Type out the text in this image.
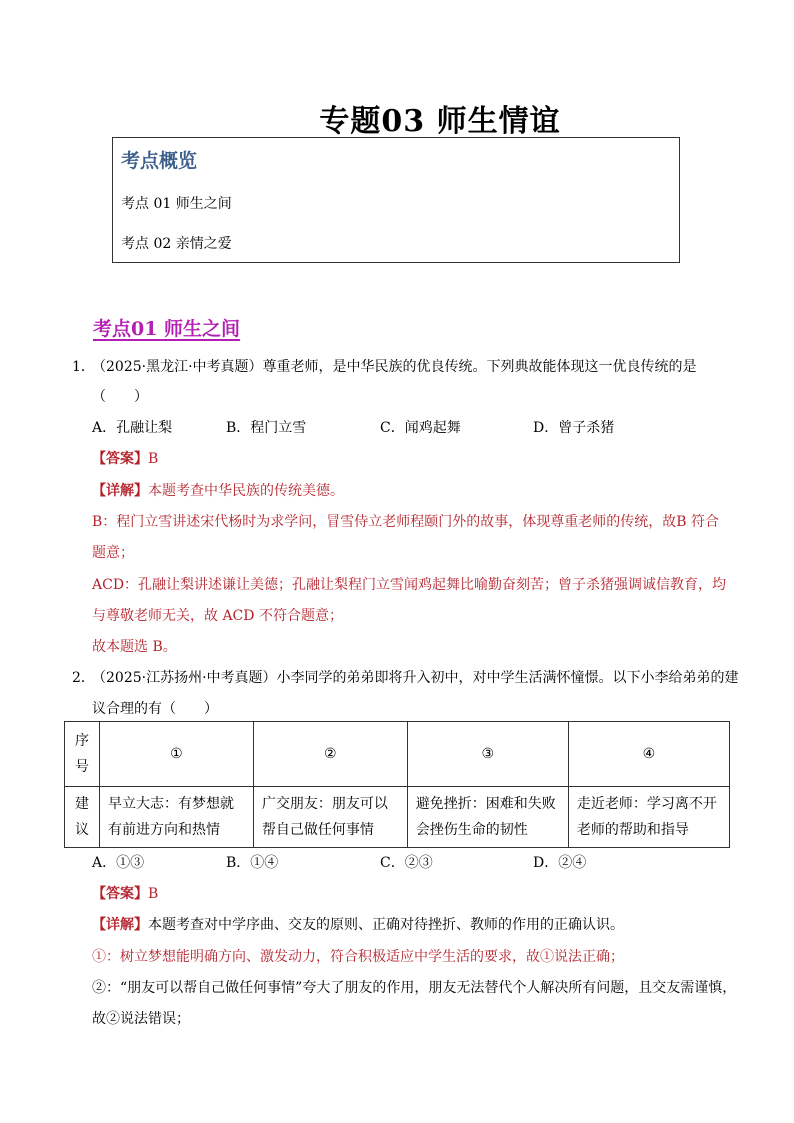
专题03 师生情谊
考点概览
考点 01 师生之间
考点 02 亲情之爱
考点01 师生之间
1．
（2025·黑龙江·中考真题）尊重老师，是中华民族的优良传统。下列典故能体现这一优良传统的是
（　　）
A．孔融让梨	B．程门立雪	C．闻鸡起舞	D．曾子杀猪
【答案】B
【详解】本题考查中华民族的传统美德。
B：程门立雪讲述宋代杨时为求学问，冒雪侍立老师程颐门外的故事，体现尊重老师的传统，故B 符合
题意；
ACD：孔融让梨讲述谦让美德；孔融让梨程门立雪闻鸡起舞比喻勤奋刻苦；曾子杀猪强调诚信教育，均
与尊敬老师无关，故 ACD 不符合题意；
故本题选 B。
2．
（2025·江苏扬州·中考真题）小李同学的弟弟即将升入初中，对中学生活满怀憧憬。以下小李给弟弟的建
议合理的有（　　）
序号	①	②	③	④
建议	早立大志：有梦想就有前进方向和热情	广交朋友：朋友可以帮自己做任何事情	避免挫折：困难和失败会挫伤生命的韧性	走近老师：学习离不开老师的帮助和指导
A．①③	B．①④	C．②③	D．②④
【答案】B
【详解】本题考查对中学序曲、交友的原则、正确对待挫折、教师的作用的正确认识。
①：树立梦想能明确方向、激发动力，符合积极适应中学生活的要求，故①说法正确；
②：“朋友可以帮自己做任何事情”夸大了朋友的作用，朋友无法替代个人解决所有问题，且交友需谨慎，
故②说法错误；
